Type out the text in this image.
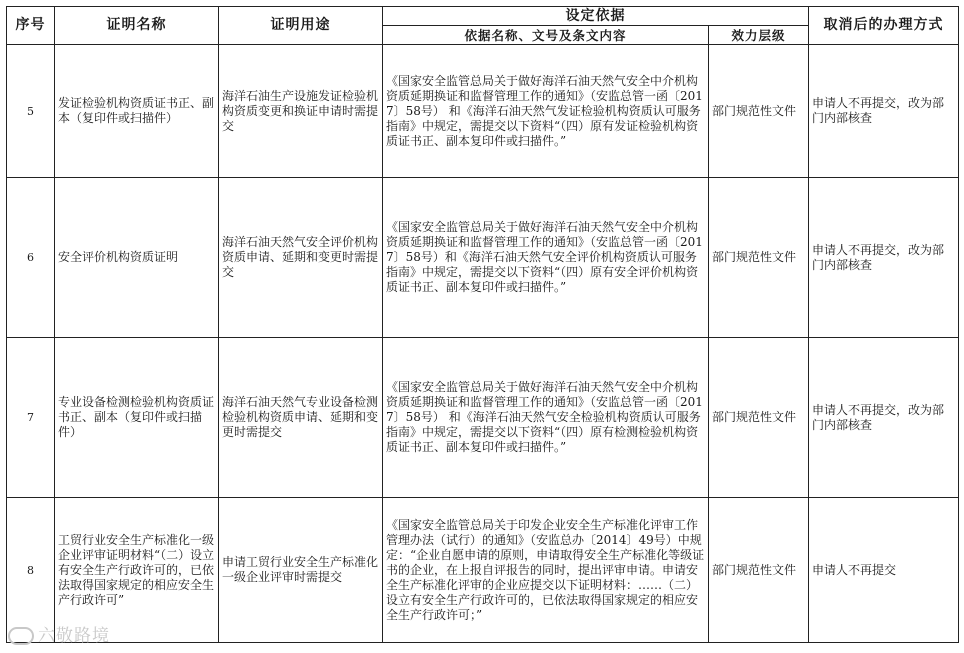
序号	证明名称	证明用途	设定依据		取消后的办理方式
			依据名称、文号及条文内容	效力层级	
5	发证检验机构资质证书正、副本（复印件或扫描件）	海洋石油生产设施发证检验机构资质变更和换证申请时需提交	《国家安全监管总局关于做好海洋石油天然气安全中介机构资质延期换证和监督管理工作的通知》（安监总管一函〔2017〕58号） 和《海洋石油天然气发证检验机构资质认可服务指南》中规定，需提交以下资料“（四）原有发证检验机构资质证书正、副本复印件或扫描件。”	部门规范性文件	申请人不再提交，改为部门内部核查
6	安全评价机构资质证明	海洋石油天然气安全评价机构资质申请、延期和变更时需提交	《国家安全监管总局关于做好海洋石油天然气安全中介机构资质延期换证和监督管理工作的通知》（安监总管一函〔2017〕58号）和《海洋石油天然气安全评价机构资质认可服务指南》中规定，需提交以下资料“（四）原有安全评价机构资质证书正、副本复印件或扫描件。”	部门规范性文件	申请人不再提交，改为部门内部核查
7	专业设备检测检验机构资质证书正、副本（复印件或扫描件）	海洋石油天然气专业设备检测检验机构资质申请、延期和变更时需提交	《国家安全监管总局关于做好海洋石油天然气安全中介机构资质延期换证和监督管理工作的通知》（安监总管一函〔2017〕58号） 和《海洋石油天然气安全检验机构资质认可服务指南》中规定，需提交以下资料“（四）原有检测检验机构资质证书正、副本复印件或扫描件。”	部门规范性文件	申请人不再提交，改为部门内部核查
8	工贸行业安全生产标准化一级企业评审证明材料“（二）设立有安全生产行政许可的，已依法取得国家规定的相应安全生产行政许可”	申请工贸行业安全生产标准化一级企业评审时需提交	《国家安全监管总局关于印发企业安全生产标准化评审工作管理办法（试行）的通知》（安监总办〔2014〕49号）中规定：“企业自愿申请的原则，申请取得安全生产标准化等级证书的企业，在上报自评报告的同时，提出评审申请。申请安全生产标准化评审的企业应提交以下证明材料：……（二）设立有安全生产行政许可的，已依法取得国家规定的相应安全生产行政许可；”	部门规范性文件	申请人不再提交
六敬路境
